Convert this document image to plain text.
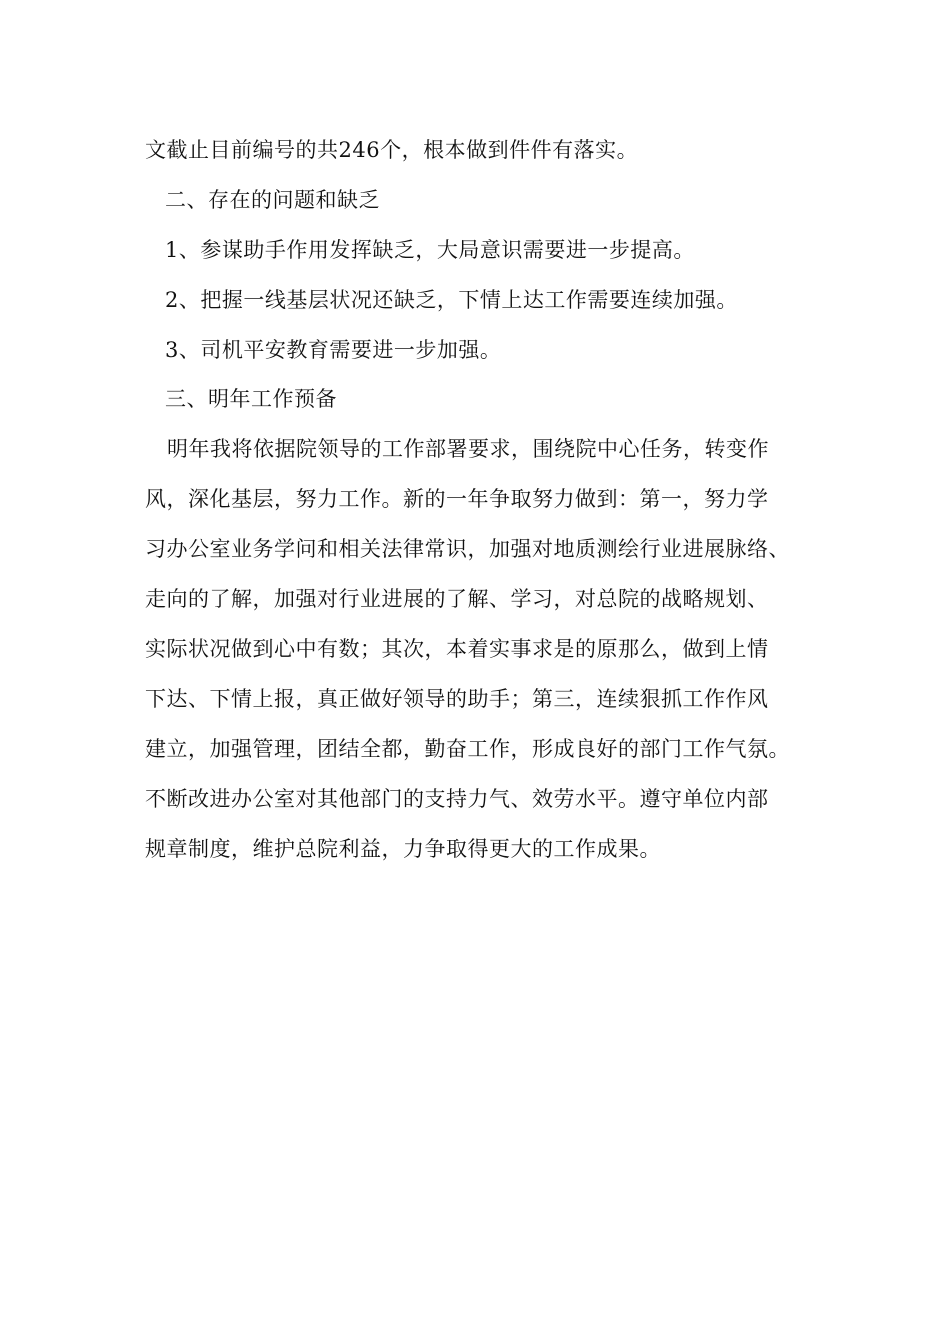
文截止目前编号的共246个，根本做到件件有落实。
二、存在的问题和缺乏
1、参谋助手作用发挥缺乏，大局意识需要进一步提高。
2、把握一线基层状况还缺乏，下情上达工作需要连续加强。
3、司机平安教育需要进一步加强。
三、明年工作预备
明年我将依据院领导的工作部署要求，围绕院中心任务，转变作
风，深化基层，努力工作。新的一年争取努力做到：第一，努力学
习办公室业务学问和相关法律常识，加强对地质测绘行业进展脉络、
走向的了解，加强对行业进展的了解、学习，对总院的战略规划、
实际状况做到心中有数；其次，本着实事求是的原那么，做到上情
下达、下情上报，真正做好领导的助手；第三，连续狠抓工作作风
建立，加强管理，团结全都，勤奋工作，形成良好的部门工作气氛。
不断改进办公室对其他部门的支持力气、效劳水平。遵守单位内部
规章制度，维护总院利益，力争取得更大的工作成果。
